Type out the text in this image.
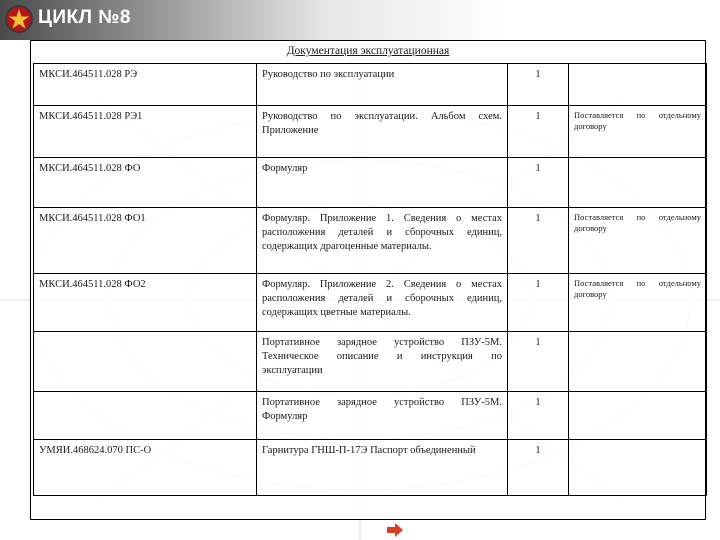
ЦИКЛ №8
Документация эксплуатационная
МКСИ.464511.028 РЭ	Руководство по эксплуатации	1	
МКСИ.464511.028 РЭ1	Руководство по эксплуатации. Альбом схем. Приложение	1	Поставляется по отдельному договору
МКСИ.464511.028 ФО	Формуляр	1	
МКСИ.464511.028 ФО1	Формуляр. Приложение 1. Сведения о местах расположения деталей и сборочных единиц, содержащих драгоценные материалы.	1	Поставляется по отдельному договору
МКСИ.464511.028 ФО2	Формуляр. Приложение 2. Сведения о местах расположения деталей и сборочных единиц, содержащих цветные материалы.	1	Поставляется по отдельному договору
	Портативное зарядное устройство ПЗУ-5М. Техническое описание и инструкция по эксплуатации	1	
	Портативное зарядное устройство ПЗУ-5М. Формуляр	1	
УМЯИ.468624.070 ПС-О	Гарнитура ГНШ-П-17Э Паспорт объединенный	1	
